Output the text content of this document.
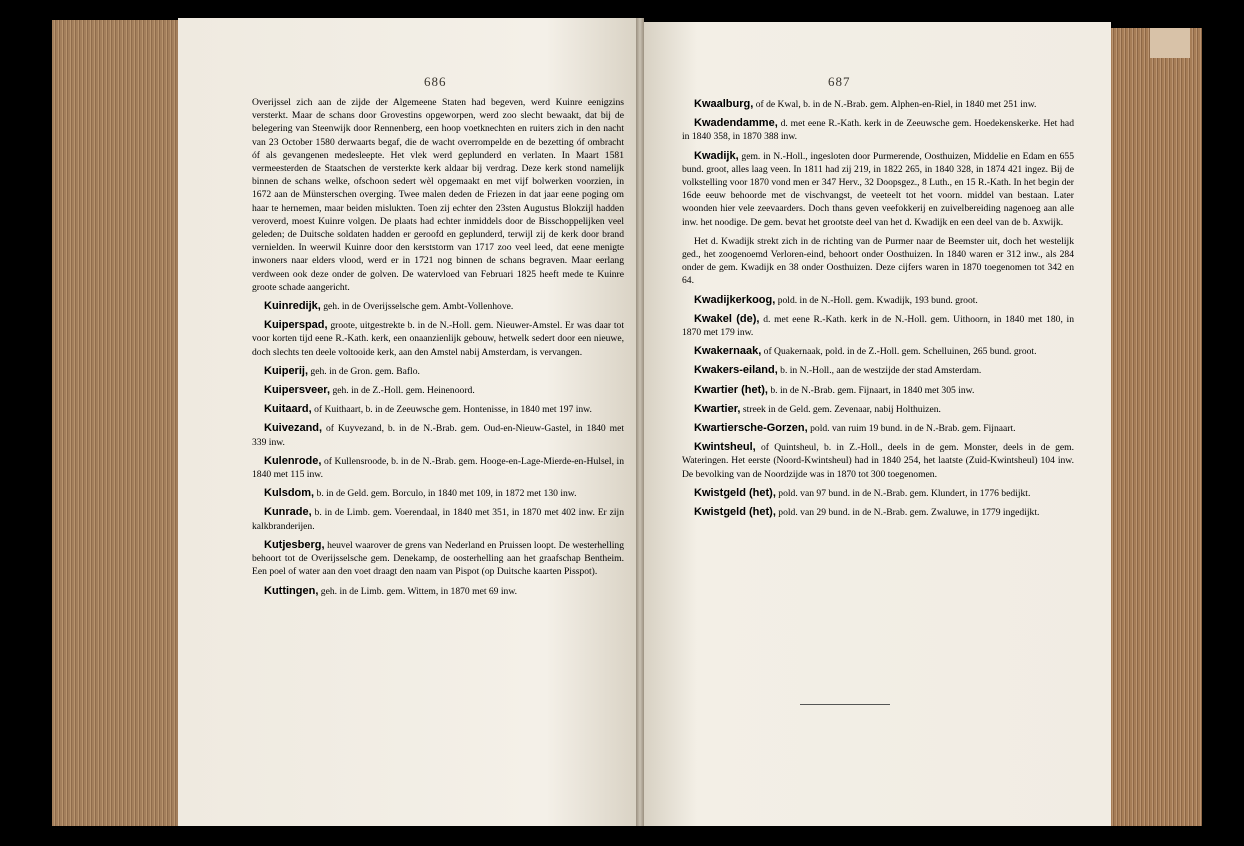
686	687

Overijssel zich aan de zijde der Algemeene Staten had begeven, werd Kuinre eenigzins versterkt. Maar de schans door Grovestins opgeworpen, werd zoo slecht bewaakt, dat bij de belegering van Steenwijk door Rennenberg, een hoop voetknechten en ruiters zich in den nacht van 23 October 1580 derwaarts begaf, die de wacht overrompelde en de bezetting óf ombracht óf als gevangenen medesleepte. Het vlek werd geplunderd en verlaten. In Maart 1581 vermeesterden de Staatschen de versterkte kerk aldaar bij verdrag. Deze kerk stond namelijk binnen de schans welke, ofschoon sedert wèl opgemaakt en met vijf bolwerken voorzien, in 1672 aan de Münsterschen overging. Twee malen deden de Friezen in dat jaar eene poging om haar te hernemen, maar beiden mislukten. Toen zij echter den 23sten Augustus Blokzijl hadden veroverd, moest Kuinre volgen. De plaats had echter inmiddels door de Bisschoppelijken veel geleden; de Duitsche soldaten hadden er geroofd en geplunderd, terwijl zij de kerk door brand vernielden. In weerwil Kuinre door den kerststorm van 1717 zoo veel leed, dat eene menigte inwoners naar elders vlood, werd er in 1721 nog binnen de schans begraven. Maar eerlang verdween ook deze onder de golven. De watervloed van Februari 1825 heeft mede te Kuinre groote schade aangericht.

Kuinredijk, geh. in de Overijsselsche gem. Ambt-Vollenhove.

Kuiperspad, groote, uitgestrekte b. in de N.-Holl. gem. Nieuwer-Amstel. Er was daar tot voor korten tijd eene R.-Kath. kerk, een onaanzienlijk gebouw, hetwelk sedert door een nieuwe, doch slechts ten deele voltooide kerk, aan den Amstel nabij Amsterdam, is vervangen.

Kuiperij, geh. in de Gron. gem. Baflo.

Kuipersveer, geh. in de Z.-Holl. gem. Heinenoord.

Kuitaard, of Kuithaart, b. in de Zeeuwsche gem. Hontenisse, in 1840 met 197 inw.

Kuivezand, of Kuyvezand, b. in de N.-Brab. gem. Oud-en-Nieuw-Gastel, in 1840 met 339 inw.

Kulenrode, of Kullensroode, b. in de N.-Brab. gem. Hooge-en-Lage-Mierde-en-Hulsel, in 1840 met 115 inw.

Kulsdom, b. in de Geld. gem. Borculo, in 1840 met 109, in 1872 met 130 inw.

Kunrade, b. in de Limb. gem. Voerendaal, in 1840 met 351, in 1870 met 402 inw. Er zijn kalkbranderijen.

Kutjesberg, heuvel waarover de grens van Nederland en Pruissen loopt. De westerhelling behoort tot de Overijsselsche gem. Denekamp, de oosterhelling aan het graafschap Bentheim. Een poel of water aan den voet draagt den naam van Pispot (op Duitsche kaarten Pisspot).

Kuttingen, geh. in de Limb. gem. Wittem, in 1870 met 69 inw.

Kwaalburg, of de Kwal, b. in de N.-Brab. gem. Alphen-en-Riel, in 1840 met 251 inw.

Kwadendamme, d. met eene R.-Kath. kerk in de Zeeuwsche gem. Hoedekenskerke. Het had in 1840 358, in 1870 388 inw.

Kwadijk, gem. in N.-Holl., ingesloten door Purmerende, Oosthuizen, Middelie en Edam en 655 bund. groot, alles laag veen. In 1811 had zij 219, in 1822 265, in 1840 328, in 1874 421 ingez. Bij de volkstelling voor 1870 vond men er 347 Herv., 32 Doopsgez., 8 Luth., en 15 R.-Kath. In het begin der 16de eeuw behoorde met de vischvangst, de veeteelt tot het voorn. middel van bestaan. Later woonden hier vele zeevaarders. Doch thans geven veefokkerij en zuivelbereiding nagenoeg aan alle inw. het noodige. De gem. bevat het grootste deel van het d. Kwadijk en een deel van de b. Axwijk.

Het d. Kwadijk strekt zich in de richting van de Purmer naar de Beemster uit, doch het westelijk ged., het zoogenoemd Verloren-eind, behoort onder Oosthuizen. In 1840 waren er 312 inw., als 284 onder de gem. Kwadijk en 38 onder Oosthuizen. Deze cijfers waren in 1870 toegenomen tot 342 en 64.

Kwadijkerkoog, pold. in de N.-Holl. gem. Kwadijk, 193 bund. groot.

Kwakel (de), d. met eene R.-Kath. kerk in de N.-Holl. gem. Uithoorn, in 1840 met 180, in 1870 met 179 inw.

Kwakernaak, of Quakernaak, pold. in de Z.-Holl. gem. Schelluinen, 265 bund. groot.

Kwakers-eiland, b. in N.-Holl., aan de westzijde der stad Amsterdam.

Kwartier (het), b. in de N.-Brab. gem. Fijnaart, in 1840 met 305 inw.

Kwartier, streek in de Geld. gem. Zevenaar, nabij Holthuizen.

Kwartiersche-Gorzen, pold. van ruim 19 bund. in de N.-Brab. gem. Fijnaart.

Kwintsheul, of Quintsheul, b. in Z.-Holl., deels in de gem. Monster, deels in de gem. Wateringen. Het eerste (Noord-Kwintsheul) had in 1840 254, het laatste (Zuid-Kwintsheul) 104 inw. De bevolking van de Noordzijde was in 1870 tot 300 toegenomen.

Kwistgeld (het), pold. van 97 bund. in de N.-Brab. gem. Klundert, in 1776 bedijkt.

Kwistgeld (het), pold. van 29 bund. in de N.-Brab. gem. Zwaluwe, in 1779 ingedijkt.
